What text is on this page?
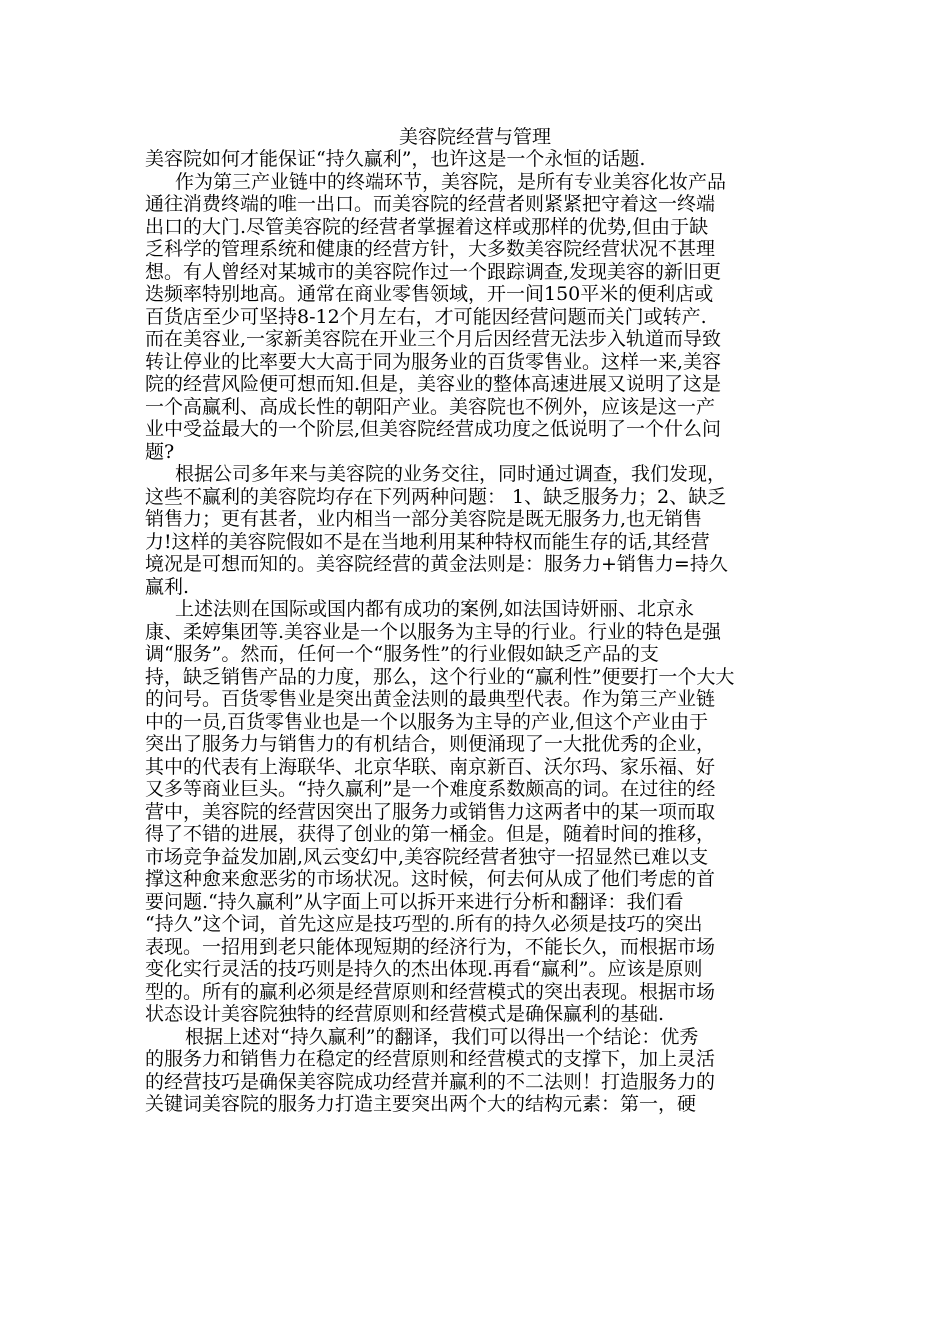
美容院经营与管理
美容院如何才能保证“持久赢利”，也许这是一个永恒的话题.
作为第三产业链中的终端环节，美容院，是所有专业美容化妆产品
通往消费终端的唯一出口。而美容院的经营者则紧紧把守着这一终端
出口的大门.尽管美容院的经营者掌握着这样或那样的优势,但由于缺
乏科学的管理系统和健康的经营方针，大多数美容院经营状况不甚理
想。有人曾经对某城市的美容院作过一个跟踪调查,发现美容的新旧更
迭频率特别地高。通常在商业零售领域，开一间150平米的便利店或
百货店至少可坚持8-12个月左右，才可能因经营问题而关门或转产.
而在美容业,一家新美容院在开业三个月后因经营无法步入轨道而导致
转让停业的比率要大大高于同为服务业的百货零售业。这样一来,美容
院的经营风险便可想而知.但是，美容业的整体高速进展又说明了这是
一个高赢利、高成长性的朝阳产业。美容院也不例外，应该是这一产
业中受益最大的一个阶层,但美容院经营成功度之低说明了一个什么问
题?
根据公司多年来与美容院的业务交往，同时通过调查，我们发现，
这些不赢利的美容院均存在下列两种问题： 1、缺乏服务力；2、缺乏
销售力；更有甚者，业内相当一部分美容院是既无服务力,也无销售
力!这样的美容院假如不是在当地利用某种特权而能生存的话,其经营
境况是可想而知的。美容院经营的黄金法则是：服务力+销售力=持久
赢利.
上述法则在国际或国内都有成功的案例,如法国诗妍丽、北京永
康、柔婷集团等.美容业是一个以服务为主导的行业。行业的特色是强
调“服务”。然而，任何一个“服务性”的行业假如缺乏产品的支
持，缺乏销售产品的力度，那么，这个行业的“赢利性”便要打一个大大
的问号。百货零售业是突出黄金法则的最典型代表。作为第三产业链
中的一员,百货零售业也是一个以服务为主导的产业,但这个产业由于
突出了服务力与销售力的有机结合，则便涌现了一大批优秀的企业，
其中的代表有上海联华、北京华联、南京新百、沃尔玛、家乐福、好
又多等商业巨头。“持久赢利”是一个难度系数颇高的词。在过往的经
营中，美容院的经营因突出了服务力或销售力这两者中的某一项而取
得了不错的进展，获得了创业的第一桶金。但是，随着时间的推移，
市场竞争益发加剧,风云变幻中,美容院经营者独守一招显然已难以支
撑这种愈来愈恶劣的市场状况。这时候，何去何从成了他们考虑的首
要问题.“持久赢利”从字面上可以拆开来进行分析和翻译：我们看
“持久”这个词，首先这应是技巧型的.所有的持久必须是技巧的突出
表现。一招用到老只能体现短期的经济行为，不能长久，而根据市场
变化实行灵活的技巧则是持久的杰出体现.再看“赢利”。应该是原则
型的。所有的赢利必须是经营原则和经营模式的突出表现。根据市场
状态设计美容院独特的经营原则和经营模式是确保赢利的基础.
根据上述对“持久赢利”的翻译，我们可以得出一个结论：优秀
的服务力和销售力在稳定的经营原则和经营模式的支撑下，加上灵活
的经营技巧是确保美容院成功经营并赢利的不二法则！打造服务力的
关键词美容院的服务力打造主要突出两个大的结构元素：第一，硬
